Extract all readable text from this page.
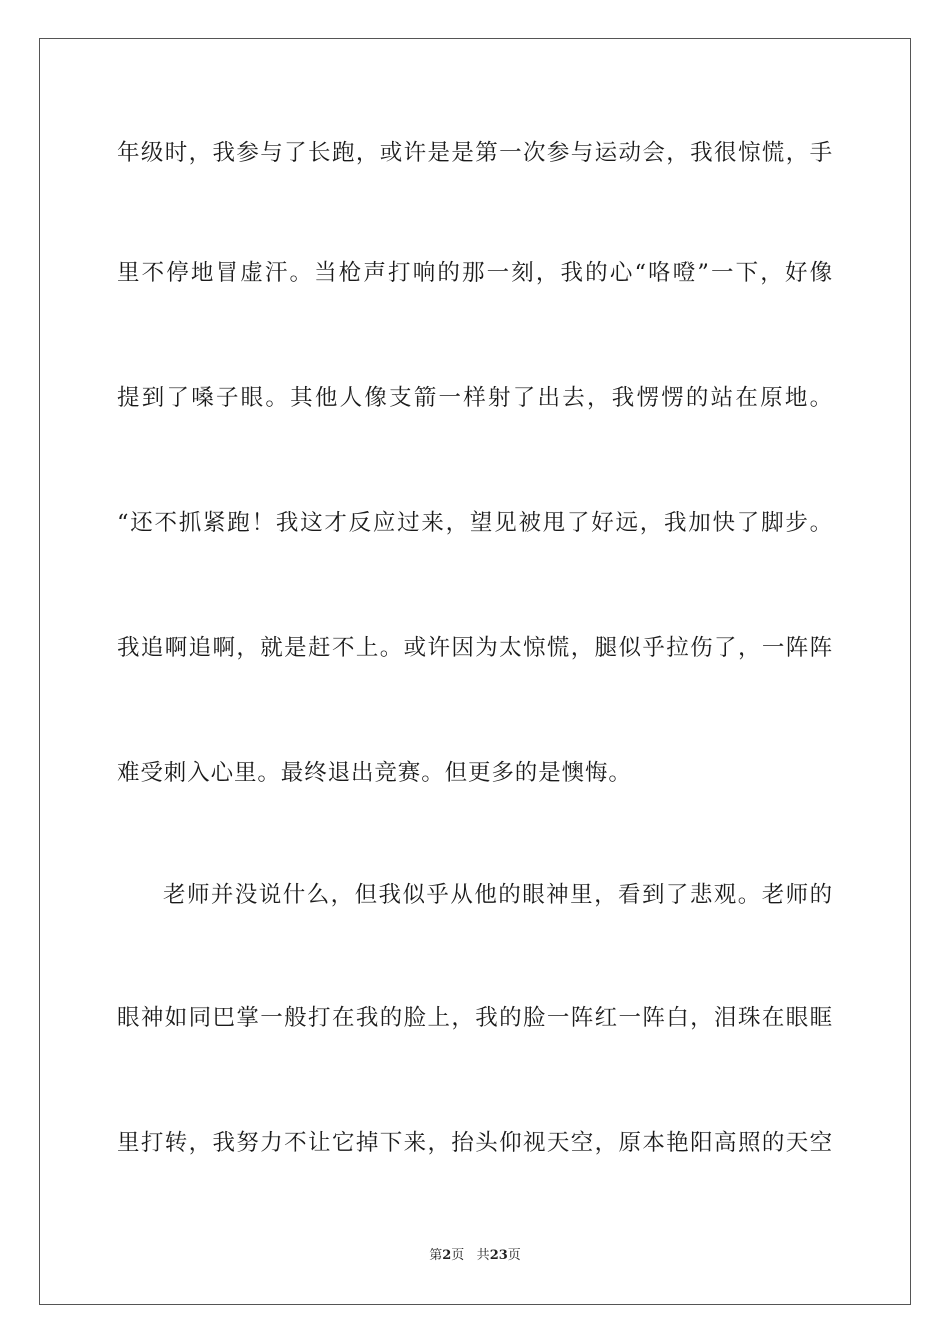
年级时，我参与了长跑，或许是是第一次参与运动会，我很惊慌，手
里不停地冒虚汗。当枪声打响的那一刻，我的心“咯噔”一下，好像
提到了嗓子眼。其他人像支箭一样射了出去，我愣愣的站在原地。
“还不抓紧跑！我这才反应过来，望见被甩了好远，我加快了脚步。
我追啊追啊，就是赶不上。或许因为太惊慌，腿似乎拉伤了，一阵阵
难受刺入心里。最终退出竞赛。但更多的是懊悔。
老师并没说什么，但我似乎从他的眼神里，看到了悲观。老师的
眼神如同巴掌一般打在我的脸上，我的脸一阵红一阵白，泪珠在眼眶
里打转，我努力不让它掉下来，抬头仰视天空，原本艳阳高照的天空
第2页 共23页
